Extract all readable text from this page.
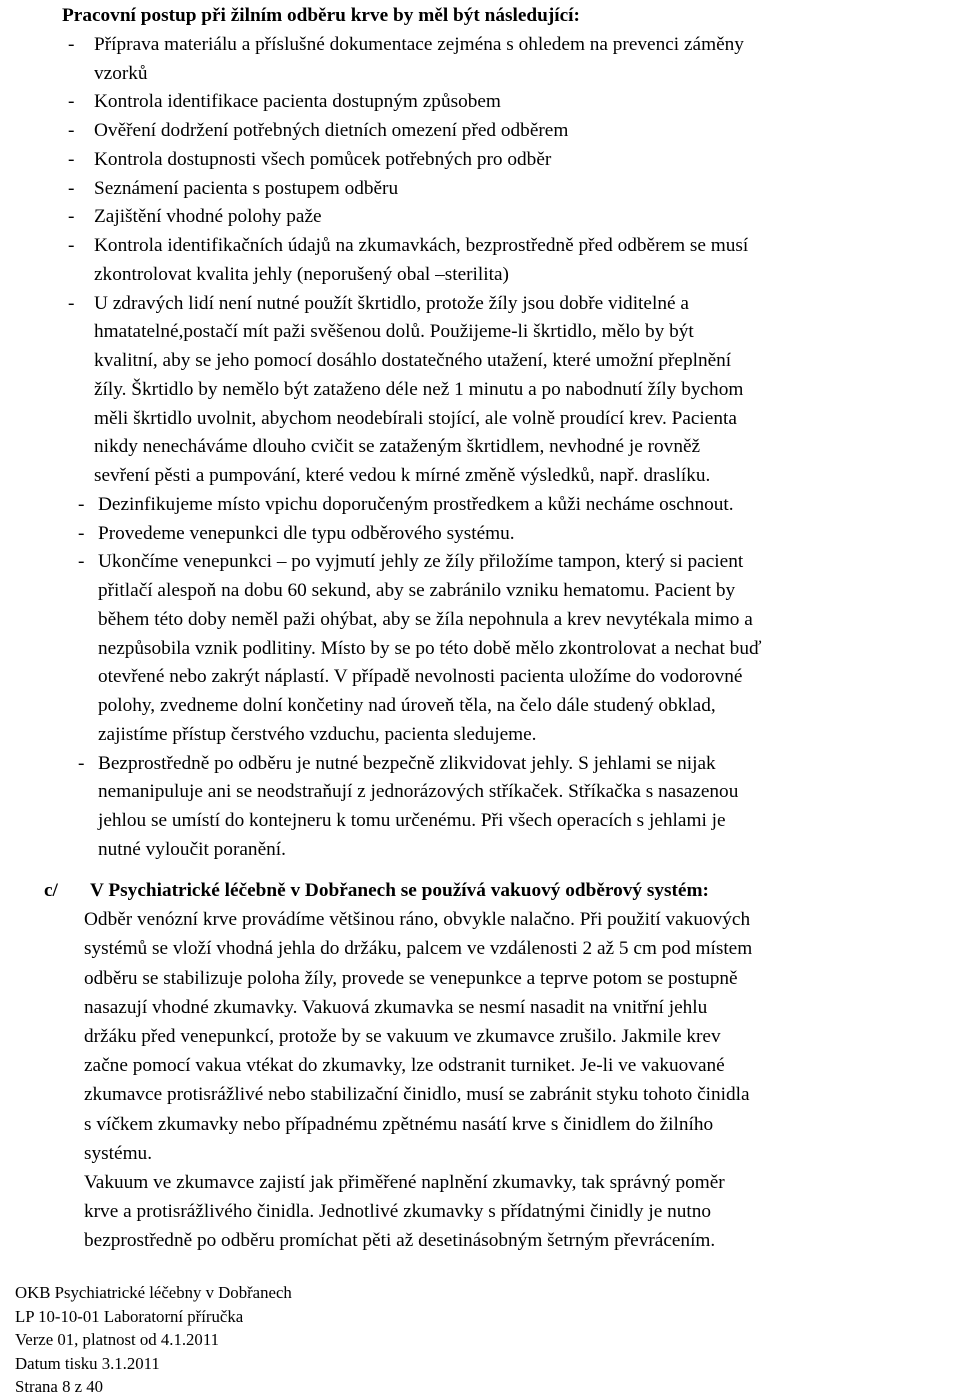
Pracovní postup při žilním odběru krve by měl být následující:
- Příprava materiálu a příslušné dokumentace zejména s ohledem na prevenci záměny
vzorků
- Kontrola identifikace pacienta dostupným způsobem
- Ověření dodržení potřebných dietních omezení před odběrem
- Kontrola dostupnosti všech pomůcek potřebných pro odběr
- Seznámení pacienta s postupem odběru
- Zajištění vhodné polohy paže
- Kontrola identifikačních údajů na zkumavkách, bezprostředně před odběrem se musí
zkontrolovat kvalita jehly (neporušený obal –sterilita)
- U zdravých lidí není nutné použít škrtidlo, protože žíly jsou dobře viditelné a
hmatatelné,postačí mít paži svěšenou dolů. Použijeme-li škrtidlo, mělo by být
kvalitní, aby se jeho pomocí dosáhlo dostatečného utažení, které umožní přeplnění
žíly. Škrtidlo by nemělo být zataženo déle než 1 minutu a po nabodnutí žíly bychom
měli škrtidlo uvolnit, abychom neodebírali stojící, ale volně proudící krev. Pacienta
nikdy nenecháváme dlouho cvičit se zataženým škrtidlem, nevhodné je rovněž
sevření pěsti a pumpování, které vedou k mírné změně výsledků, např. draslíku.
- Dezinfikujeme místo vpichu doporučeným prostředkem a kůži necháme oschnout.
- Provedeme venepunkci dle typu odběrového systému.
- Ukončíme venepunkci – po vyjmutí jehly ze žíly přiložíme tampon, který si pacient
přitlačí alespoň na dobu 60 sekund, aby se zabránilo vzniku hematomu. Pacient by
během této doby neměl paži ohýbat, aby se žíla nepohnula a krev nevytékala mimo a
nezpůsobila vznik podlitiny. Místo by se po této době mělo zkontrolovat a nechat buď
otevřené nebo zakrýt náplastí. V případě nevolnosti pacienta uložíme do vodorovné
polohy, zvedneme dolní končetiny nad úroveň těla, na čelo dále studený obklad,
zajistíme přístup čerstvého vzduchu, pacienta sledujeme.
- Bezprostředně po odběru je nutné bezpečně zlikvidovat jehly. S jehlami se nijak
nemanipuluje ani se neodstraňují z jednorázových stříkaček. Stříkačka s nasazenou
jehlou se umístí do kontejneru k tomu určenému. Při všech operacích s jehlami je
nutné vyloučit poranění.
c/ V Psychiatrické léčebně v Dobřanech se používá vakuový odběrový systém:
Odběr venózní krve provádíme většinou ráno, obvykle nalačno. Při použití vakuových
systémů se vloží vhodná jehla do držáku, palcem ve vzdálenosti 2 až 5 cm pod místem
odběru se stabilizuje poloha žíly, provede se venepunkce a teprve potom se postupně
nasazují vhodné zkumavky. Vakuová zkumavka se nesmí nasadit na vnitřní jehlu
držáku před venepunkcí, protože by se vakuum ve zkumavce zrušilo. Jakmile krev
začne pomocí vakua vtékat do zkumavky, lze odstranit turniket. Je-li ve vakuované
zkumavce protisrážlivé nebo stabilizační činidlo, musí se zabránit styku tohoto činidla
s víčkem zkumavky nebo případnému zpětnému nasátí krve s činidlem do žilního
systému.
Vakuum ve zkumavce zajistí jak přiměřené naplnění zkumavky, tak správný poměr
krve a protisrážlivého činidla. Jednotlivé zkumavky s přídatnými činidly je nutno
bezprostředně po odběru promíchat pěti až desetinásobným šetrným převrácením.
OKB Psychiatrické léčebny v Dobřanech
LP 10-10-01 Laboratorní příručka
Verze 01, platnost od 4.1.2011
Datum tisku 3.1.2011
Strana 8 z 40
